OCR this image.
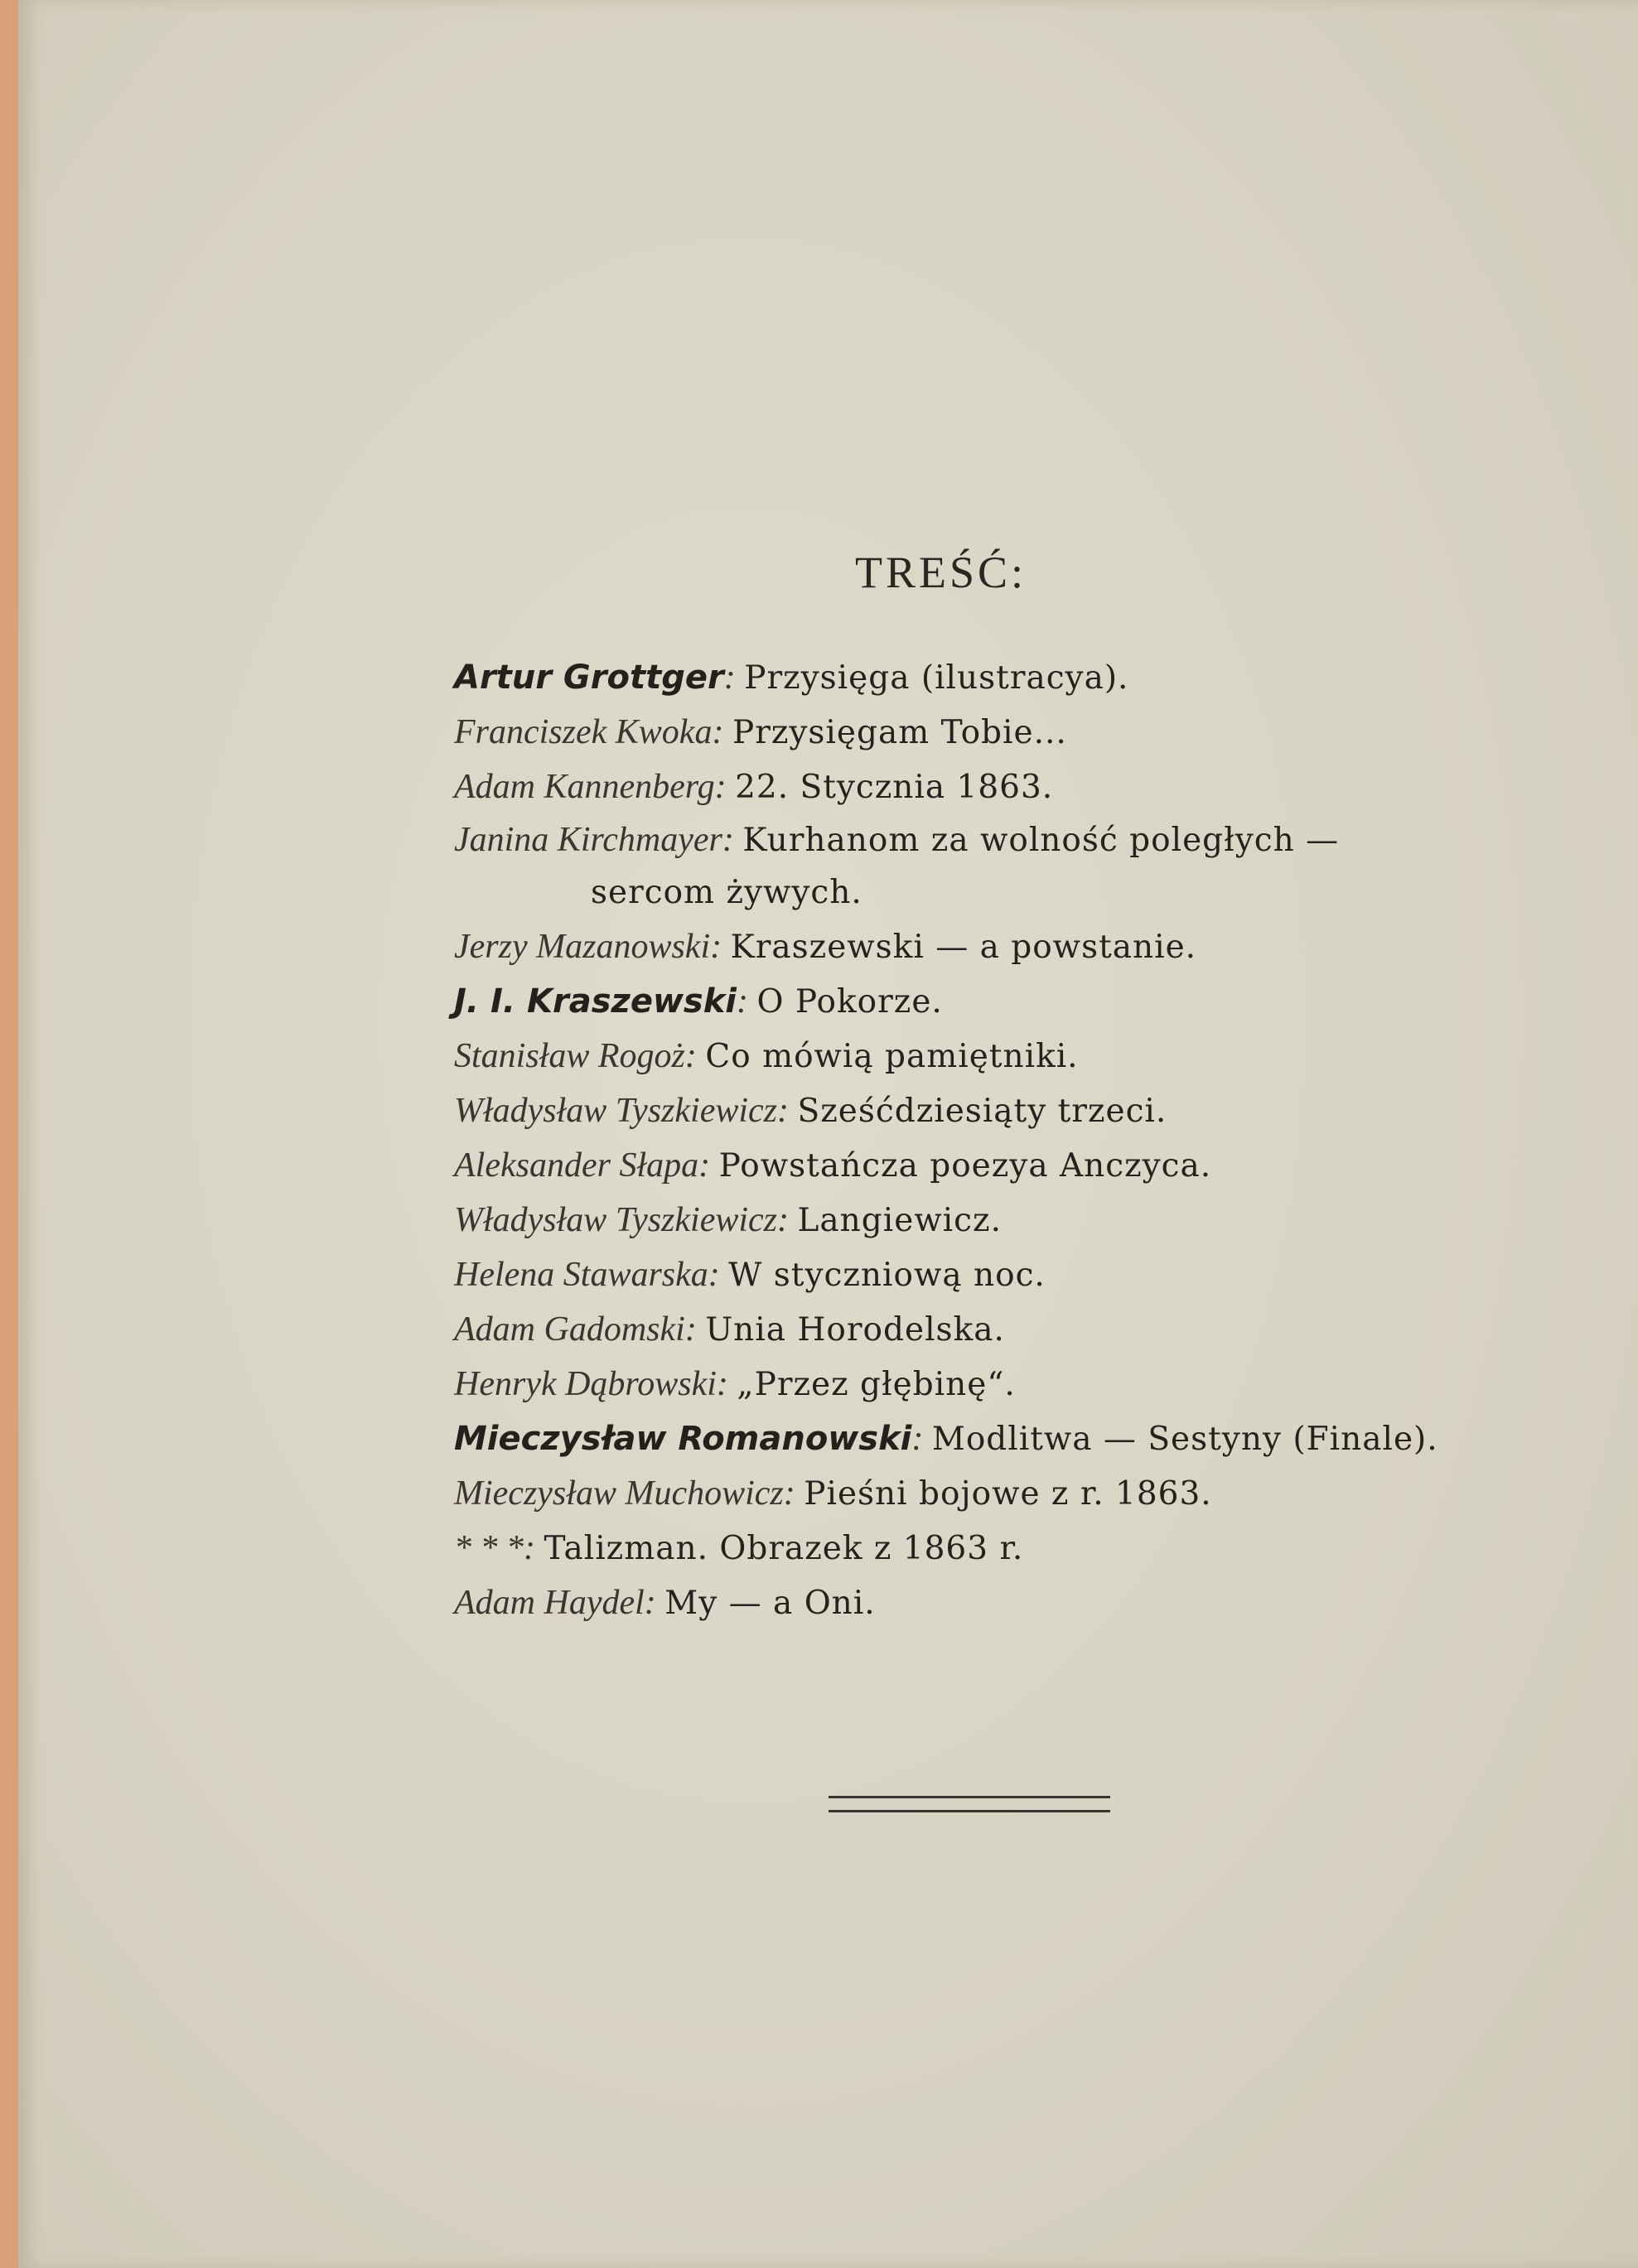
TREŚĆ:
Artur Grottger: Przysięga (ilustracya).
Franciszek Kwoka: Przysięgam Tobie...
Adam Kannenberg: 22. Stycznia 1863.
Janina Kirchmayer: Kurhanom za wolność poległych —sercom żywych.
Jerzy Mazanowski: Kraszewski — a powstanie.
J. I. Kraszewski: O Pokorze.
Stanisław Rogoż: Co mówią pamiętniki.
Władysław Tyszkiewicz: Sześćdziesiąty trzeci.
Aleksander Słapa: Powstańcza poezya Anczyca.
Władysław Tyszkiewicz: Langiewicz.
Helena Stawarska: W styczniową noc.
Adam Gadomski: Unia Horodelska.
Henryk Dąbrowski: „Przez głębinę“.
Mieczysław Romanowski: Modlitwa — Sestyny (Finale).
Mieczysław Muchowicz: Pieśni bojowe z r. 1863.
* * *: Talizman. Obrazek z 1863 r.
Adam Haydel: My — a Oni.
